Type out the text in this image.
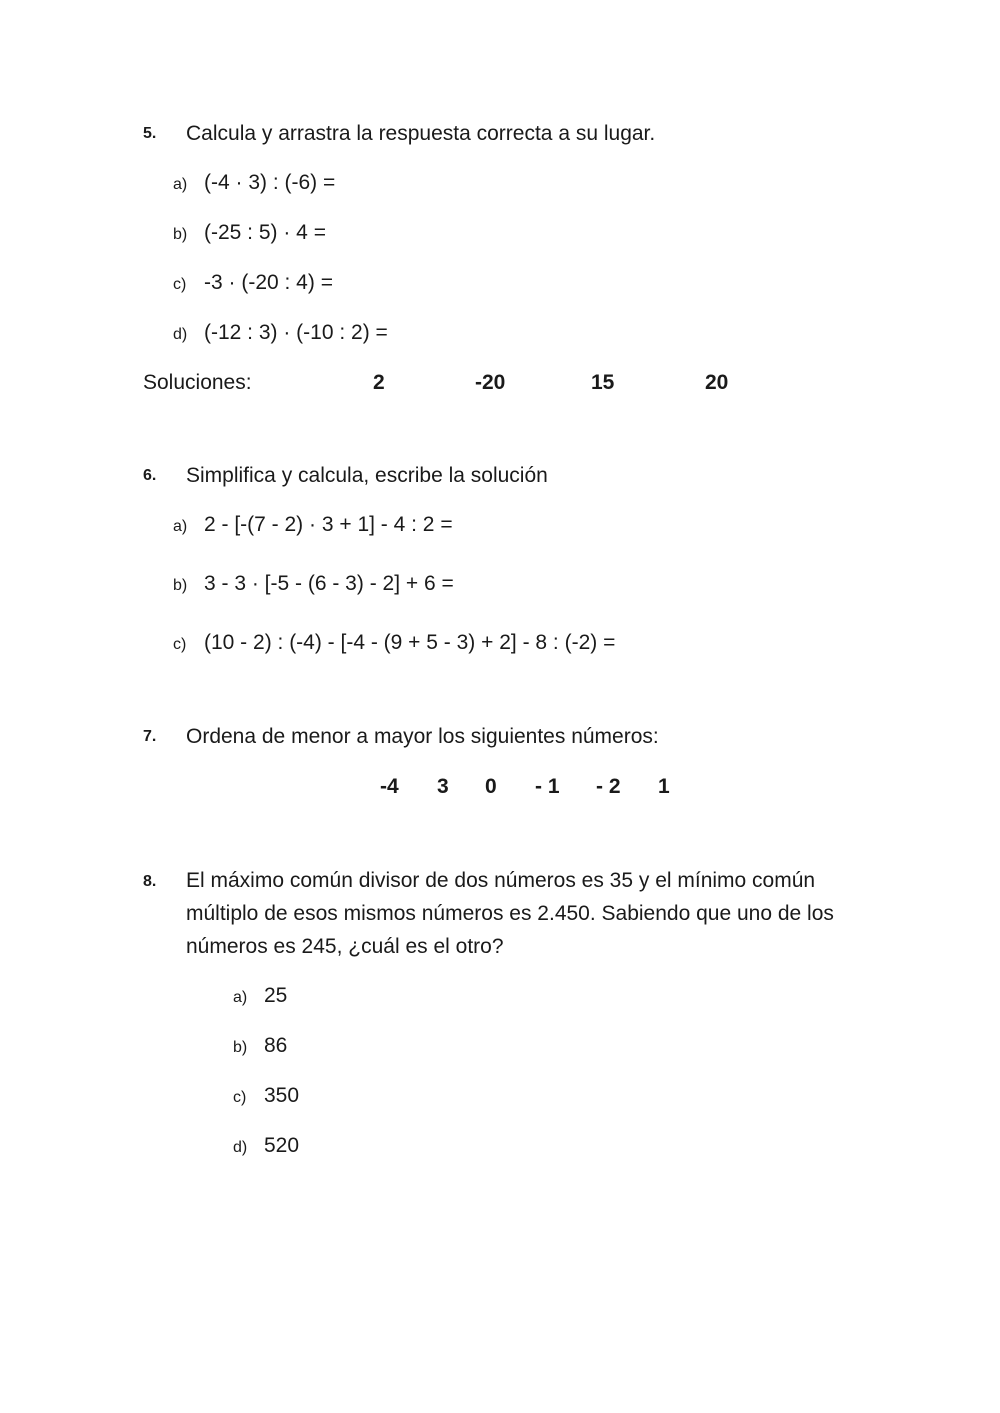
5. Calcula y arrastra la respuesta correcta a su lugar.
a) (-4 · 3) : (-6) =
b) (-25 : 5) · 4 =
c) -3 · (-20 : 4) =
d) (-12 : 3) · (-10 : 2) =
Soluciones:	2	-20	15	20
6. Simplifica y calcula, escribe la solución
a) 2 - [-(7 - 2) · 3 + 1] - 4 : 2 =
b) 3 - 3 · [-5 - (6 - 3) - 2] + 6 =
c) (10 - 2) : (-4) - [-4 - (9 + 5 - 3) + 2] - 8 : (-2) =
7. Ordena de menor a mayor los siguientes números:
-4 3 0 - 1 - 2 1
8. El máximo común divisor de dos números es 35 y el mínimo común
múltiplo de esos mismos números es 2.450. Sabiendo que uno de los
números es 245, ¿cuál es el otro?
a) 25
b) 86
c) 350
d) 520
